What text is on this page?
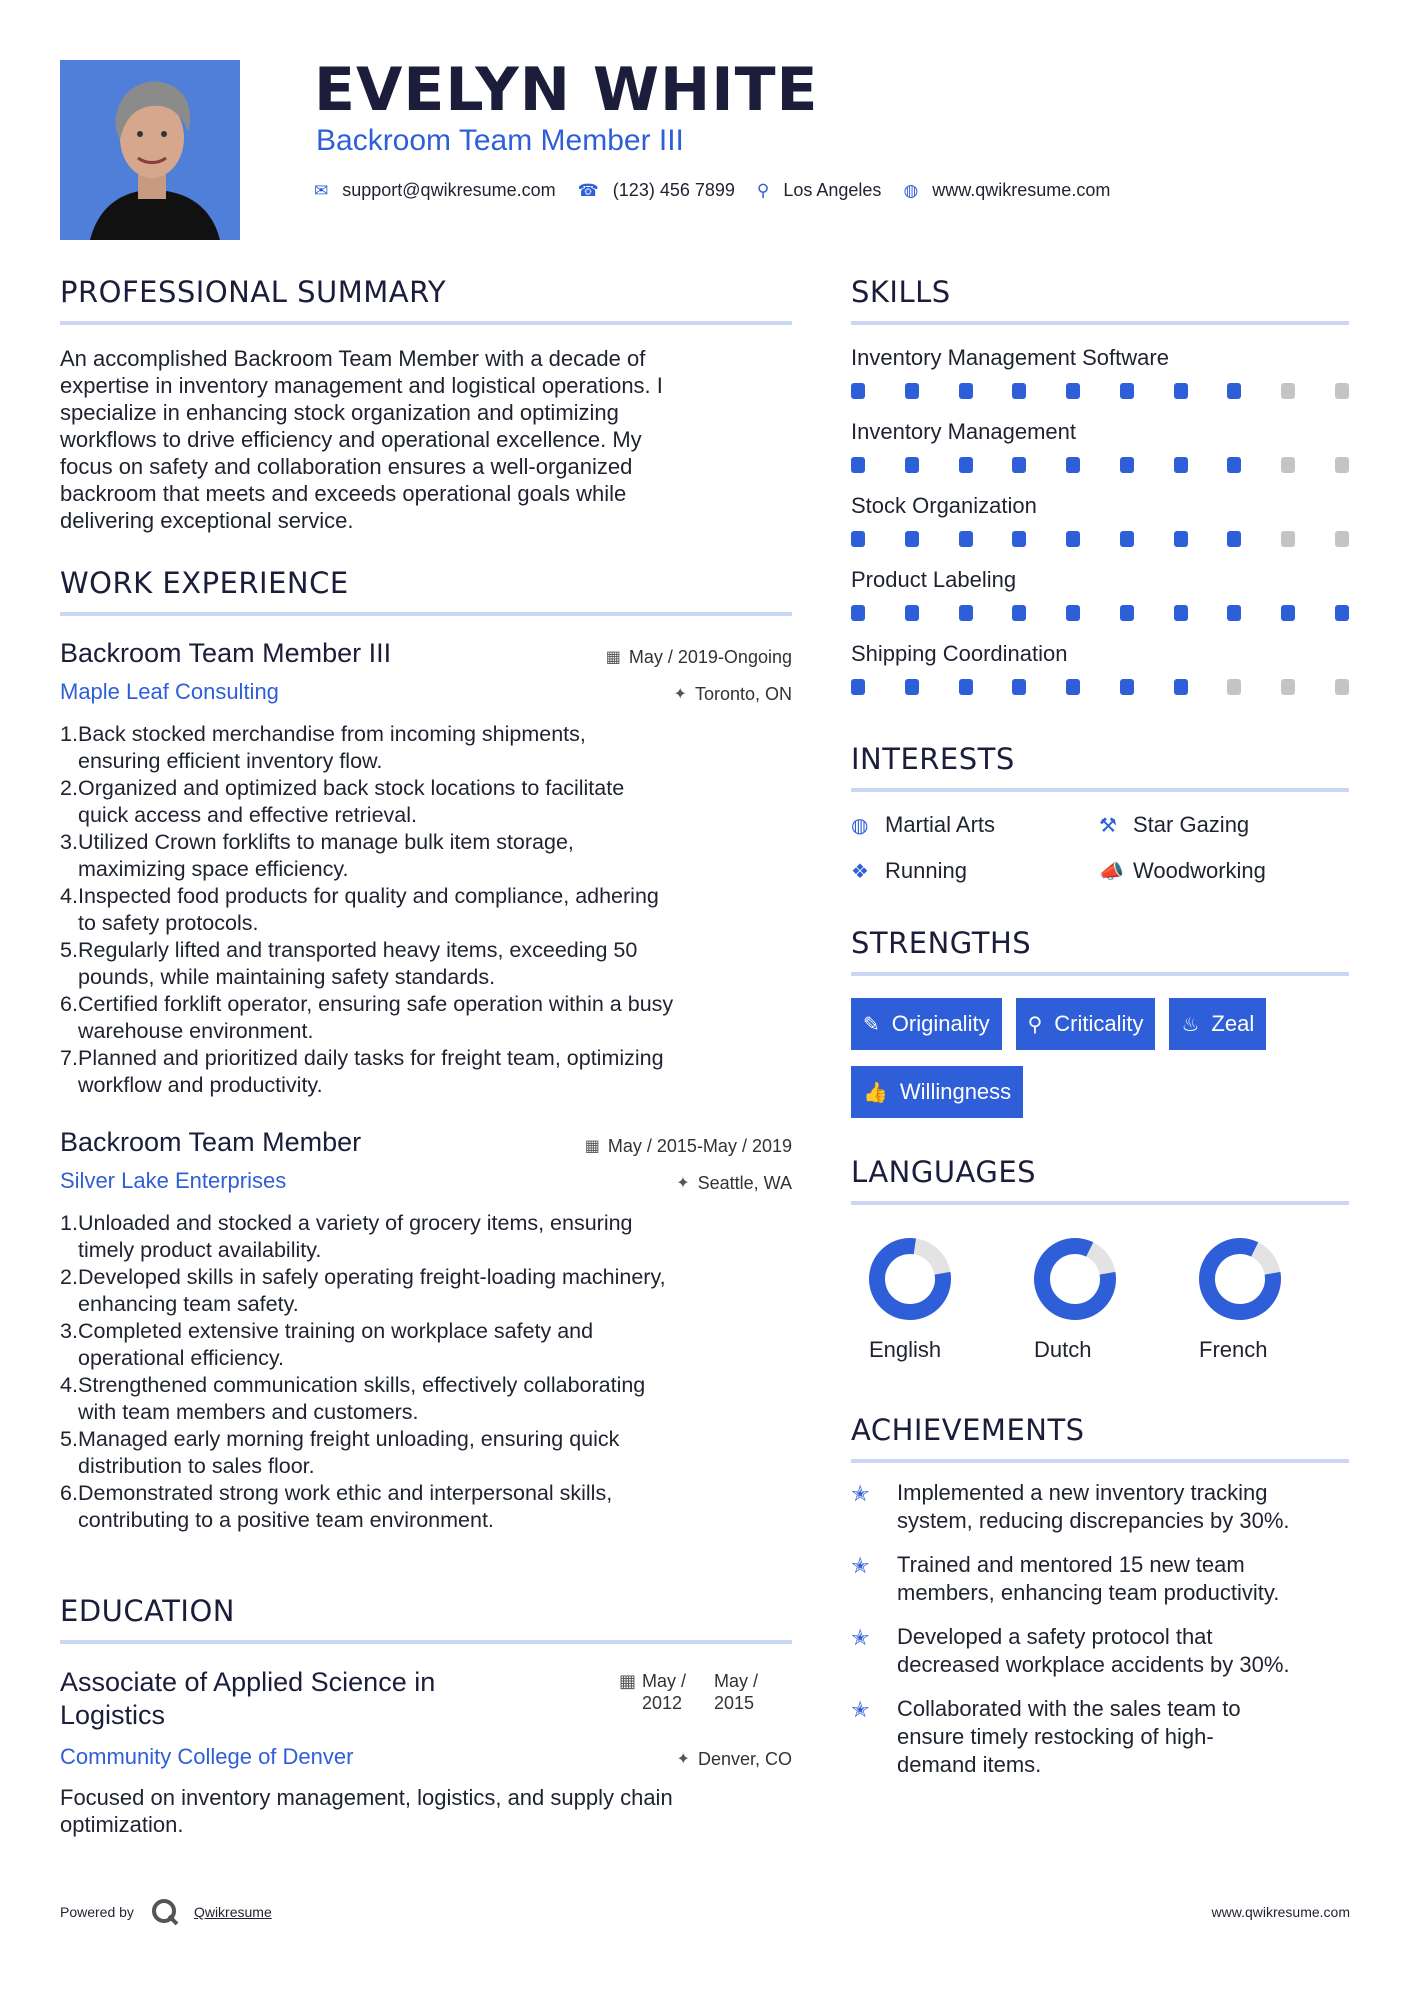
EVELYN WHITE
Backroom Team Member III
✉ support@qwikresume.com ☎ (123) 456 7899 ⚲ Los Angeles ◍ www.qwikresume.com
PROFESSIONAL SUMMARY
An accomplished Backroom Team Member with a decade of
expertise in inventory management and logistical operations. I
specialize in enhancing stock organization and optimizing
workflows to drive efficiency and operational excellence. My
focus on safety and collaboration ensures a well-organized
backroom that meets and exceeds operational goals while
delivering exceptional service.
WORK EXPERIENCE
Backroom Team Member III	▦ May / 2019-Ongoing
Maple Leaf Consulting	✦ Toronto, ON
1. Back stocked merchandise from incoming shipments,
ensuring efficient inventory flow.
2. Organized and optimized back stock locations to facilitate
quick access and effective retrieval.
3. Utilized Crown forklifts to manage bulk item storage,
maximizing space efficiency.
4. Inspected food products for quality and compliance, adhering
to safety protocols.
5. Regularly lifted and transported heavy items, exceeding 50
pounds, while maintaining safety standards.
6. Certified forklift operator, ensuring safe operation within a busy
warehouse environment.
7. Planned and prioritized daily tasks for freight team, optimizing
workflow and productivity.
Backroom Team Member	▦ May / 2015-May / 2019
Silver Lake Enterprises	✦ Seattle, WA
1. Unloaded and stocked a variety of grocery items, ensuring
timely product availability.
2. Developed skills in safely operating freight-loading machinery,
enhancing team safety.
3. Completed extensive training on workplace safety and
operational efficiency.
4. Strengthened communication skills, effectively collaborating
with team members and customers.
5. Managed early morning freight unloading, ensuring quick
distribution to sales floor.
6. Demonstrated strong work ethic and interpersonal skills,
contributing to a positive team environment.
EDUCATION
Associate of Applied Science in
Logistics
▦ May /
2012
May /
2015
Community College of Denver	✦ Denver, CO
Focused on inventory management, logistics, and supply chain
optimization.
SKILLS
Inventory Management Software
Inventory Management
Stock Organization
Product Labeling
Shipping Coordination
INTERESTS
◍ Martial Arts	⚒ Star Gazing
❖ Running	📣 Woodworking
STRENGTHS
✎ Originality ⚲ Criticality ♨ Zeal
👍 Willingness
LANGUAGES
English	Dutch	French
ACHIEVEMENTS
✭	Implemented a new inventory tracking
system, reducing discrepancies by 30%.
✭	Trained and mentored 15 new team
members, enhancing team productivity.
✭	Developed a safety protocol that
decreased workplace accidents by 30%.
✭	Collaborated with the sales team to
ensure timely restocking of high-
demand items.
Powered by	Qwikresume	www.qwikresume.com
